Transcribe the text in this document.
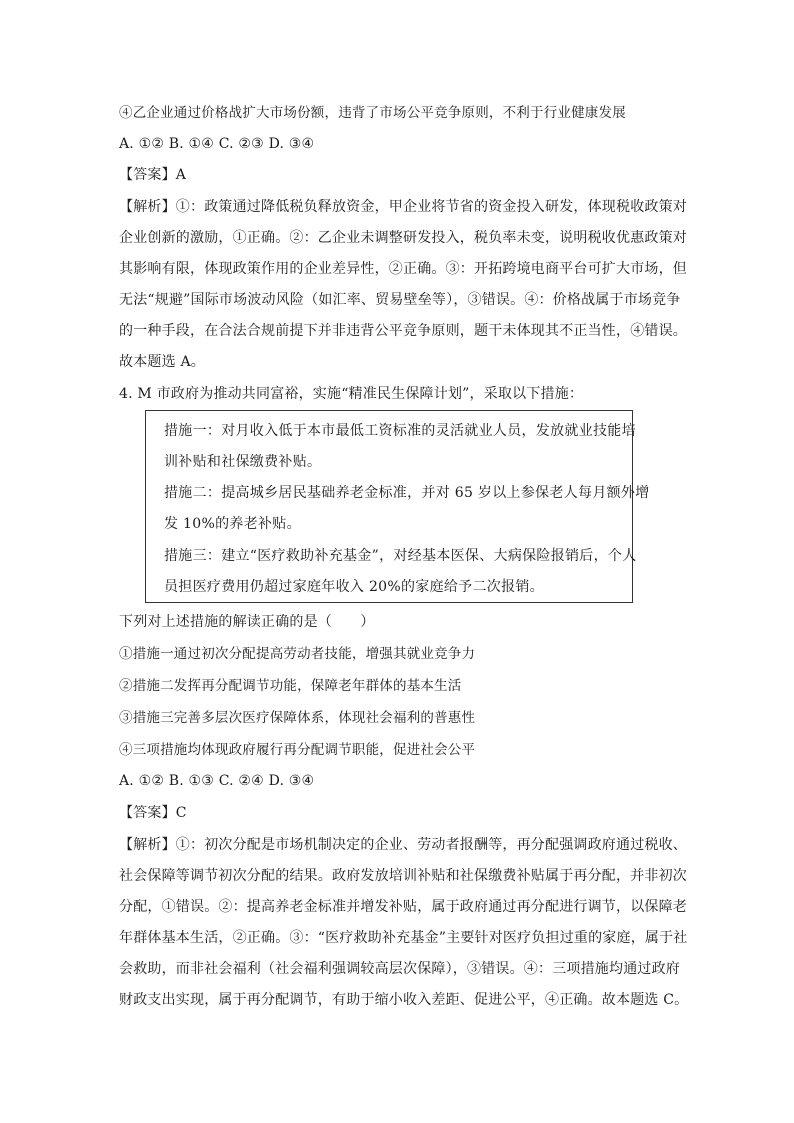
④乙企业通过价格战扩大市场份额，违背了市场公平竞争原则，不利于行业健康发展
A. ①② B. ①④ C. ②③ D. ③④
【答案】A
【解析】①：政策通过降低税负释放资金，甲企业将节省的资金投入研发，体现税收政策对
企业创新的激励，①正确。②：乙企业未调整研发投入，税负率未变，说明税收优惠政策对
其影响有限，体现政策作用的企业差异性，②正确。③：开拓跨境电商平台可扩大市场，但
无法“规避”国际市场波动风险（如汇率、贸易壁垒等），③错误。④：价格战属于市场竞争
的一种手段，在合法合规前提下并非违背公平竞争原则，题干未体现其不正当性，④错误。
故本题选 A。
4. M 市政府为推动共同富裕，实施“精准民生保障计划”，采取以下措施：
措施一：对月收入低于本市最低工资标准的灵活就业人员，发放就业技能培
训补贴和社保缴费补贴。
措施二：提高城乡居民基础养老金标准，并对 65 岁以上参保老人每月额外增
发 10%的养老补贴。
措施三：建立“医疗救助补充基金”，对经基本医保、大病保险报销后，个人
员担医疗费用仍超过家庭年收入 20%的家庭给予二次报销。
下列对上述措施的解读正确的是（　　）
①措施一通过初次分配提高劳动者技能，增强其就业竞争力
②措施二发挥再分配调节功能，保障老年群体的基本生活
③措施三完善多层次医疗保障体系，体现社会福利的普惠性
④三项措施均体现政府履行再分配调节职能，促进社会公平
A. ①② B. ①③ C. ②④ D. ③④
【答案】C
【解析】①：初次分配是市场机制决定的企业、劳动者报酬等，再分配强调政府通过税收、
社会保障等调节初次分配的结果。政府发放培训补贴和社保缴费补贴属于再分配，并非初次
分配，①错误。②：提高养老金标准并增发补贴，属于政府通过再分配进行调节，以保障老
年群体基本生活，②正确。③：“医疗救助补充基金”主要针对医疗负担过重的家庭，属于社
会救助，而非社会福利（社会福利强调较高层次保障），③错误。④：三项措施均通过政府
财政支出实现，属于再分配调节，有助于缩小收入差距、促进公平，④正确。故本题选 C。
